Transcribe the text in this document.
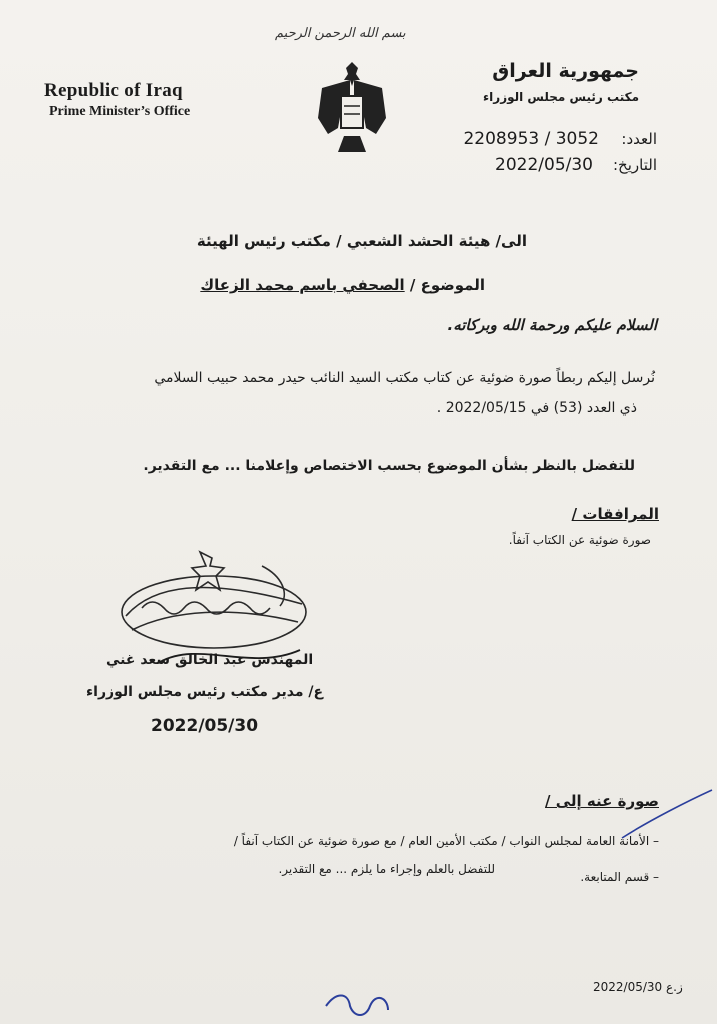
بسم الله الرحمن الرحيم
Republic of Iraq
Prime Minister’s Office
جمهورية العراق
مكتب رئيس مجلس الوزراء
العدد:
2208953 / 3052
التاريخ:
2022/05/30
الى/ هيئة الحشد الشعبي / مكتب رئيس الهيئة
الموضوع / الصحفي باسم محمد الزعاك
السلام عليكم ورحمة الله وبركاته.
نُرسل إليكم ربطاً صورة ضوئية عن كتاب مكتب السيد النائب حيدر محمد حبيب السلامي
ذي العدد (53) في 2022/05/15 .
للتفضل بالنظر بشأن الموضوع بحسب الاختصاص وإعلامنا ... مع التقدير.
المرافقات /
صورة ضوئية عن الكتاب آنفاً.
المهندس عبد الخالق سعد غني
ع/ مدير مكتب رئيس مجلس الوزراء
2022/05/30
صورة عنه إلى /
– الأمانة العامة لمجلس النواب / مكتب الأمين العام / مع صورة ضوئية عن الكتاب آنفاً /
للتفضل بالعلم وإجراء ما يلزم ... مع التقدير.
– قسم المتابعة.
ز.ع 2022/05/30
